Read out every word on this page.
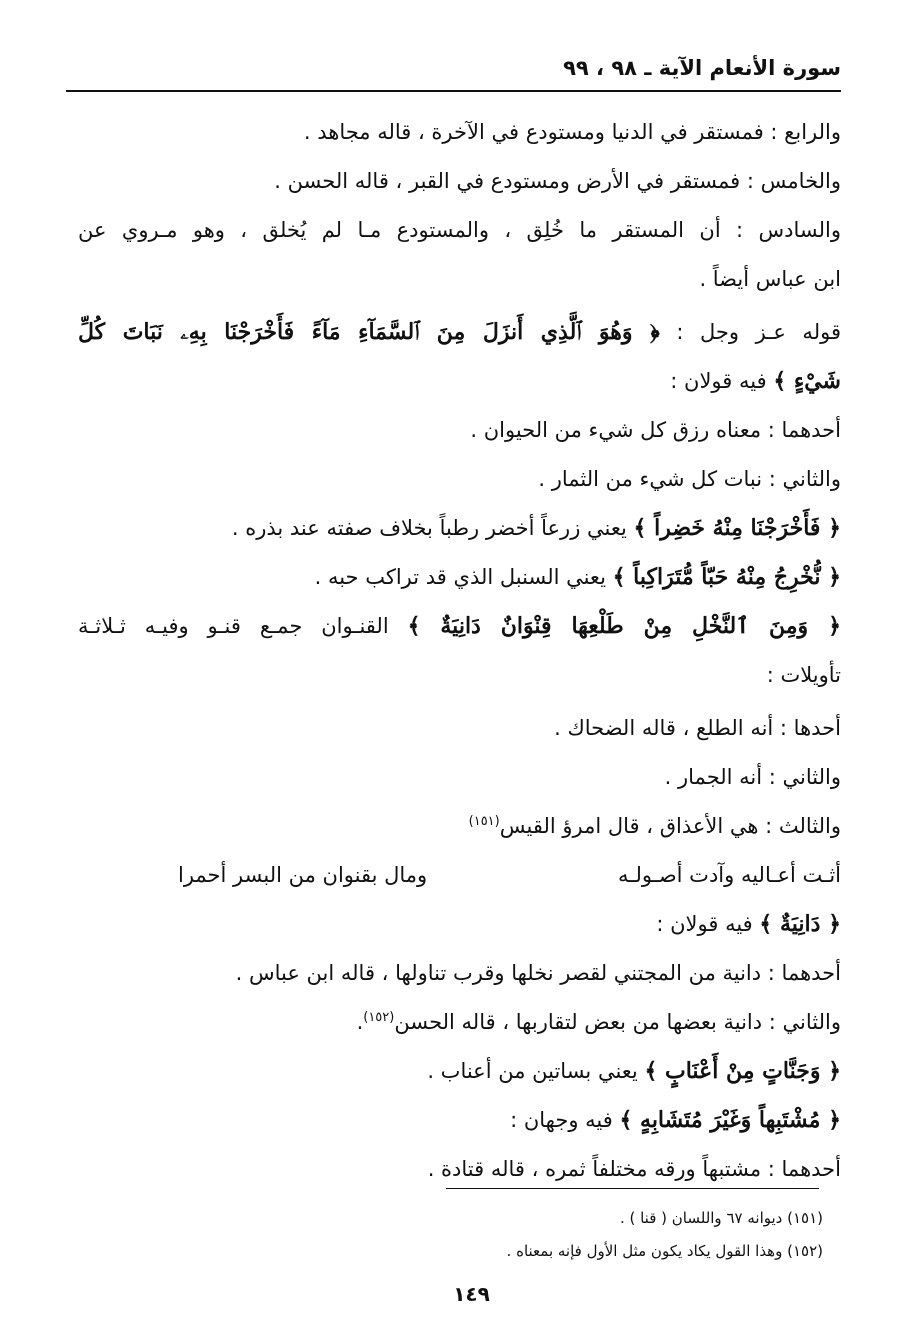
سورة الأنعام الآية ـ ٩٨ ، ٩٩
والرابع : فمستقر في الدنيا ومستودع في الآخرة ، قاله مجاهد .
والخامس : فمستقر في الأرض ومستودع في القبر ، قاله الحسن .
والسادس : أن المستقر ما خُلِق ، والمستودع مـا لم يُخلق ، وهو مـروي عن
ابن عباس أيضاً .
قوله عـز وجل : ﴿ وَهُوَ ٱلَّذِي أَنزَلَ مِنَ ٱلسَّمَآءِ مَآءً فَأَخْرَجْنَا بِهِۦ نَبَاتَ كُلِّ
شَيْءٍ ﴾ فيه قولان :
أحدهما : معناه رزق كل شيء من الحيوان .
والثاني : نبات كل شيء من الثمار .
﴿ فَأَخْرَجْنَا مِنْهُ خَضِراً ﴾ يعني زرعاً أخضر رطباً بخلاف صفته عند بذره .
﴿ نُّخْرِجُ مِنْهُ حَبّاً مُّتَرَاكِباً ﴾ يعني السنبل الذي قد تراكب حبه .
﴿ وَمِنَ ٱلنَّخْلِ مِنْ طَلْعِهَا قِنْوَانٌ دَانِيَةٌ ﴾ القنـوان جمـع قنـو وفيـه ثـلاثـة
تأويلات :
أحدها : أنه الطلع ، قاله الضحاك .
والثاني : أنه الجمار .
والثالث : هي الأعذاق ، قال امرؤ القيس$^{(١٥١)}$
أثـت أعـاليه وآدت أصـولـه
ومال بقنوان من البسر أحمرا
﴿ دَانِيَةٌ ﴾ فيه قولان :
أحدهما : دانية من المجتني لقصر نخلها وقرب تناولها ، قاله ابن عباس .
والثاني : دانية بعضها من بعض لتقاربها ، قاله الحسن$^{(١٥٢)}$.
﴿ وَجَنَّاتٍ مِنْ أَعْنَابٍ ﴾ يعني بساتين من أعناب .
﴿ مُشْتَبِهاً وَغَيْرَ مُتَشَابِهٍ ﴾ فيه وجهان :
أحدهما : مشتبهاً ورقه مختلفاً ثمره ، قاله قتادة .
(١٥١) ديوانه ٦٧ واللسان ( قنا ) .
(١٥٢) وهذا القول يكاد يكون مثل الأول فإنه بمعناه .
١٤٩
